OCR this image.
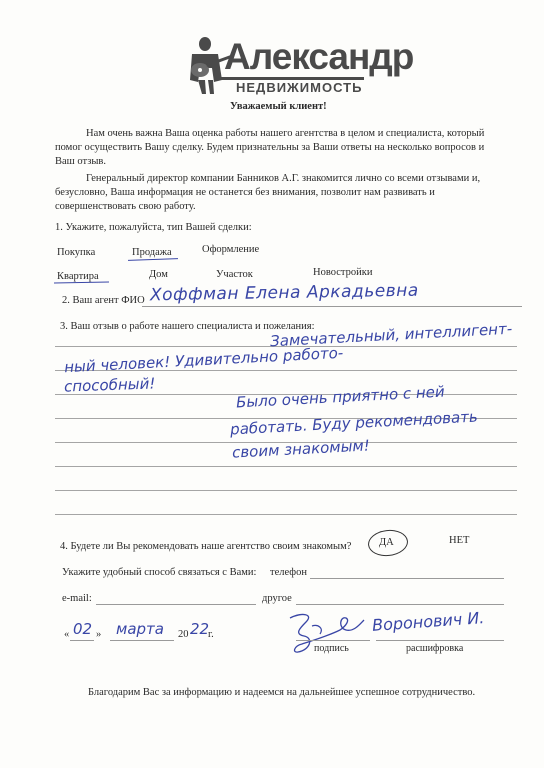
Александр
НЕДВИЖИМОСТЬ
Уважаемый клиент!
Нам очень важна Ваша оценка работы нашего агентства в целом и специалиста, который
помог осуществить Вашу сделку. Будем признательны за Ваши ответы на несколько вопросов и
Ваш отзыв.
Генеральный директор компании Баннико​в А.Г. знакомится лично со всеми отзывами и,
безусловно, Ваша информация не останется без внимания, позволит нам развивать и
совершенствовать свою работу.
1. Укажите, пожалуйста, тип Вашей сделки:
Покупка	Продажа	Оформление
Квартира	Дом	Участок	Новостройки
2. Ваш агент ФИО Хоффман Елена Аркадьевна
3. Ваш отзыв о работе нашего специалиста и пожелания:
Замечательный, интеллигент-
ный человек! Удивительно работо-
способный!	Было очень приятно с ней
работать. Буду рекомендовать
своим знакомым!
4. Будете ли Вы рекомендовать наше агентство своим знакомым?	ДА	НЕТ
Укажите удобный способ связаться с Вами: телефон
e-mail:	другое
« 02 » марта 20 22
г.
подпись
Воронович И.
расшифровка
Благодарим Вас за информацию и надеемся на дальнейшее успешное сотрудничество.
